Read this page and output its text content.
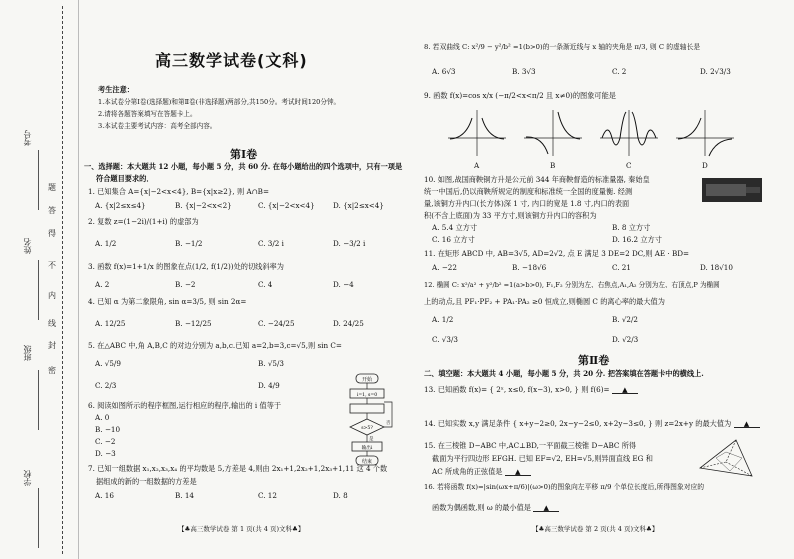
考号
姓名
班级
学校
题
答
得
不
内
线
封
密
高三数学试卷(文科)
考生注意：
1.本试卷分第Ⅰ卷(选择题)和第Ⅱ卷(非选择题)两部分,共150分。考试时间120分钟。
2.请将各题答案填写在答题卡上。
3.本试卷主要考试内容：高考全部内容。
第Ⅰ卷
一、选择题：本大题共 12 小题，每小题 5 分，共 60 分. 在每小题给出的四个选项中，只有一项是
符合题目要求的．
1. 已知集合 A={x|−2<x<4}, B={x|x≥2}, 则 A∩B=
A. {x|2≤x≤4}	B. {x|−2<x<2}	C. {x|−2<x<4}	D. {x|2≤x<4}
2. 复数 z=(1−2i)/(1+i) 的虚部为
A. 1/2	B. −1/2	C. 3/2 i	D. −3/2 i
3. 函数 f(x)=1+1/x 的图象在点(1/2, f(1/2))处的切线斜率为
A. 2	B. −2	C. 4	D. −4
4. 已知 α 为第二象限角, sin α=3/5, 则 sin 2α=
A. 12/25	B. −12/25	C. −24/25	D. 24/25
5. 在△ABC 中,角 A,B,C 的对边分别为 a,b,c.已知 a=2,b=3,c=√5,则 sin C=
A. √5/9	B. √5/3
C. 2/3	D. 4/9
6. 阅读如图所示的程序框图,运行相应的程序,输出的 i 值等于
A. 0
B. −10
C. −2
D. −3
开始
i=1, s=0
s>5?
否
是
输出i
结束
7. 已知一组数据 x₁,x₂,x₃,x₄ 的平均数是 5,方差是 4,则由 2x₁+1,2x₂+1,2x₃+1,11 这 4 个数
据组成的新的一组数据的方差是
A. 16	B. 14	C. 12	D. 8
【♣高三数学试卷 第 1 页(共 4 页)文科♣】
8. 若双曲线 C: x²/9 − y²/b² =1(b>0)的一条渐近线与 x 轴的夹角是 π/3, 则 C 的虚轴长是
A. 6√3	B. 3√3	C. 2	D. 2√3/3
9. 函数 f(x)=cos x/x (−π/2<x<π/2 且 x≠0)的图象可能是
A	B	C	D
10. 如图,战国商鞅铜方升是公元前 344 年商鞅督造的标准量器, 秦始皇
统一中国后,仍以商鞅所规定的制度和标准统一全国的度量衡. 经测
量,该铜方升内口(长方体)深 1 寸, 内口的宽是 1.8 寸,内口的表面
积(不含上底面)为 33 平方寸,则该铜方升内口的容积为
A. 5.4 立方寸	B. 8 立方寸
C. 16 立方寸	D. 16.2 立方寸
11. 在矩形 ABCD 中, AB=3√5, AD=2√2, 点 E 满足 3 DE=2 DC,则 AE · BD=
A. −22	B. −18√6	C. 21	D. 18√10
12. 椭圆 C: x²/a² + y²/b² =1(a>b>0), F₁,F₂ 分别为左、右焦点,A₁,A₂ 分别为左、右顶点,P 为椭圆
上的动点,且 PF₁·PF₂ + PA₁·PA₂ ≥0 恒成立,则椭圆 C 的离心率的最大值为
A. 1/2	B. √2/2
C. √3/3	D. √2/3
第Ⅱ卷
二、填空题：本大题共 4 小题，每小题 5 分，共 20 分. 把答案填在答题卡中的横线上.
13. 已知函数 f(x)= { 2ˣ, x≤0, f(x−3), x>0, } 则 f(6)= ▲
14. 已知实数 x,y 满足条件 { x+y−2≥0, 2x−y−2≤0, x+2y−3≤0, } 则 z=2x+y 的最大值为 ▲
15. 在三棱锥 D−ABC 中,AC⊥BD,一平面截三棱锥 D−ABC 所得
截面为平行四边形 EFGH. 已知 EF=√2, EH=√5,则异面直线 EG 和
AC 所成角的正弦值是 ▲
16. 若将函数 f(x)=|sin(ωx+π/6)|(ω>0)的图象向左平移 π/9 个单位长度后,所得图象对应的
函数为偶函数,则 ω 的最小值是 ▲
【♣高三数学试卷 第 2 页(共 4 页)文科♣】
